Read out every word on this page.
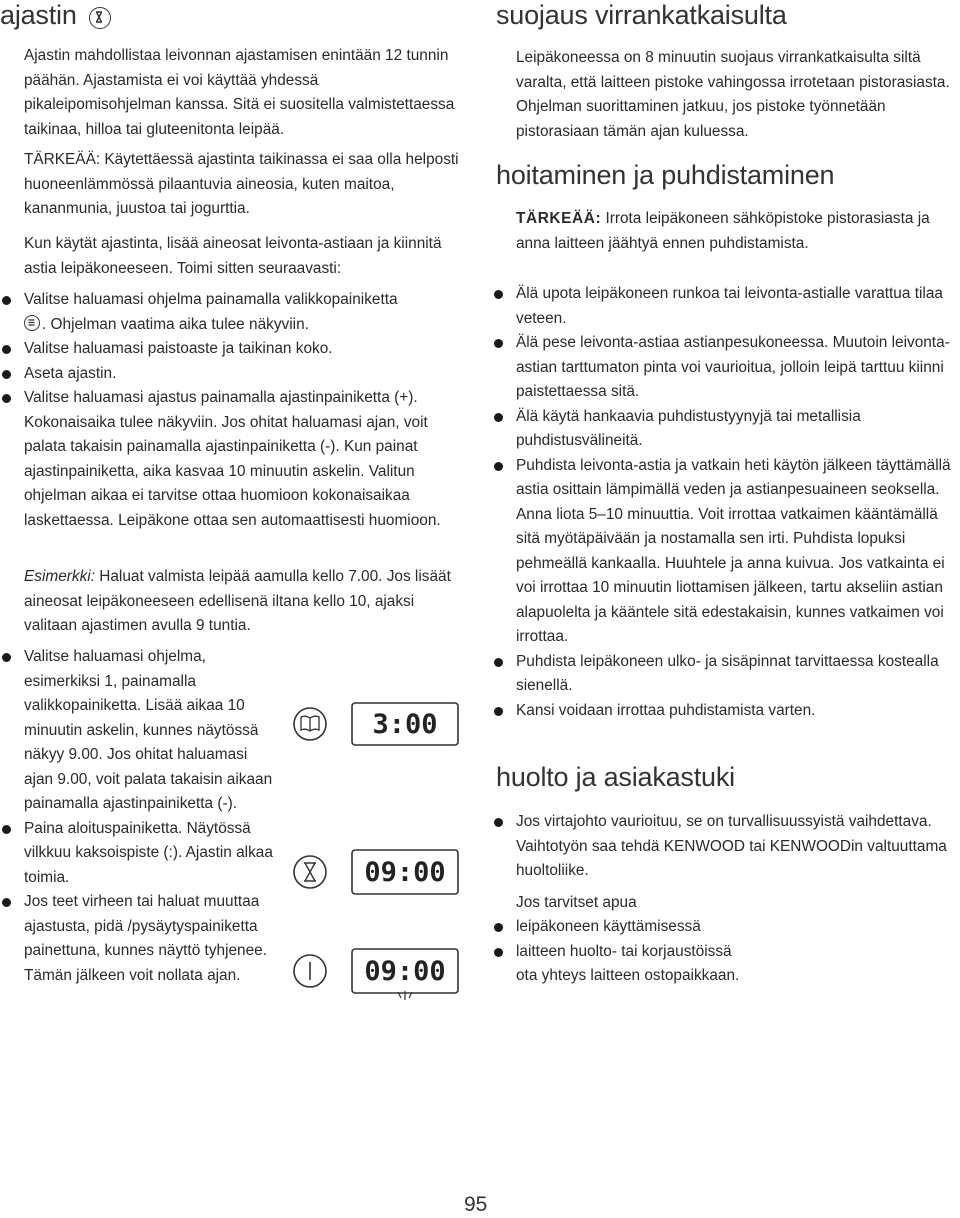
ajastin

Ajastin mahdollistaa leivonnan ajastamisen enintään 12 tunnin päähän. Ajastamista ei voi käyttää yhdessä pikaleipomisohjelman kanssa. Sitä ei suositella valmistettaessa taikinaa, hilloa tai gluteenitonta leipää.

TÄRKEÄÄ: Käytettäessä ajastinta taikinassa ei saa olla helposti huoneenlämmössä pilaantuvia aineosia, kuten maitoa, kananmunia, juustoa tai jogurttia.

Kun käytät ajastinta, lisää aineosat leivonta-astiaan ja kiinnitä astia leipäkoneeseen. Toimi sitten seuraavasti:

Valitse haluamasi ohjelma painamalla valikkopainiketta

. Ohjelman vaatima aika tulee näkyviin.
Valitse haluamasi paistoaste ja taikinan koko.
Aseta ajastin.
Valitse haluamasi ajastus painamalla ajastinpainiketta (+). Kokonaisaika tulee näkyviin. Jos ohitat haluamasi ajan, voit palata takaisin painamalla ajastinpainiketta (-). Kun painat ajastinpainiketta, aika kasvaa 10 minuutin askelin. Valitun ohjelman aikaa ei tarvitse ottaa huomioon kokonaisaikaa laskettaessa. Leipäkone ottaa sen automaattisesti huomioon.

Esimerkki: Haluat valmista leipää aamulla kello 7.00. Jos lisäät aineosat leipäkoneeseen edellisenä iltana kello 10, ajaksi valitaan ajastimen avulla 9 tuntia.

Valitse haluamasi ohjelma, esimerkiksi 1, painamalla valikkopainiketta. Lisää aikaa 10 minuutin askelin, kunnes näytössä näkyy 9.00. Jos ohitat haluamasi ajan 9.00, voit palata takaisin aikaan painamalla ajastinpainiketta (-).
Paina aloituspainiketta. Näytössä vilkkuu kaksoispiste (:). Ajastin alkaa toimia.
Jos teet virheen tai haluat muuttaa ajastusta, pidä /pysäytyspainiketta painettuna, kunnes näyttö tyhjenee. Tämän jälkeen voit nollata ajan.
3:00
09:00
09:00
suojaus virrankatkaisulta

Leipäkoneessa on 8 minuutin suojaus virrankatkaisulta siltä varalta, että laitteen pistoke vahingossa irrotetaan pistorasiasta. Ohjelman suorittaminen jatkuu, jos pistoke työnnetään pistorasiaan tämän ajan kuluessa.

hoitaminen ja puhdistaminen

TÄRKEÄÄ: Irrota leipäkoneen sähköpistoke pistorasiasta ja anna laitteen jäähtyä ennen puhdistamista.

Älä upota leipäkoneen runkoa tai leivonta-astialle varattua tilaa veteen.
Älä pese leivonta-astiaa astianpesukoneessa. Muutoin leivonta-astian tarttumaton pinta voi vaurioitua, jolloin leipä tarttuu kiinni paistettaessa sitä.
Älä käytä hankaavia puhdistustyynyjä tai metallisia puhdistusvälineitä.
Puhdista leivonta-astia ja vatkain heti käytön jälkeen täyttämällä astia osittain lämpimällä veden ja astianpesuaineen seoksella. Anna liota 5–10 minuuttia. Voit irrottaa vatkaimen kääntämällä sitä myötäpäivään ja nostamalla sen irti. Puhdista lopuksi pehmeällä kankaalla. Huuhtele ja anna kuivua. Jos vatkainta ei voi irrottaa 10 minuutin liottamisen jälkeen, tartu akseliin astian alapuolelta ja kääntele sitä edestakaisin, kunnes vatkaimen voi irrottaa.
Puhdista leipäkoneen ulko- ja sisäpinnat tarvittaessa kostealla sienellä.
Kansi voidaan irrottaa puhdistamista varten.
huolto ja asiakastuki
Jos virtajohto vaurioituu, se on turvallisuussyistä vaihdettava. Vaihtotyön saa tehdä KENWOOD tai KENWOODin valtuuttama huoltoliike.

Jos tarvitset apua

leipäkoneen käyttämisessä
laitteen huolto- tai korjaustöissä

ota yhteys laitteen ostopaikkaan.

95
